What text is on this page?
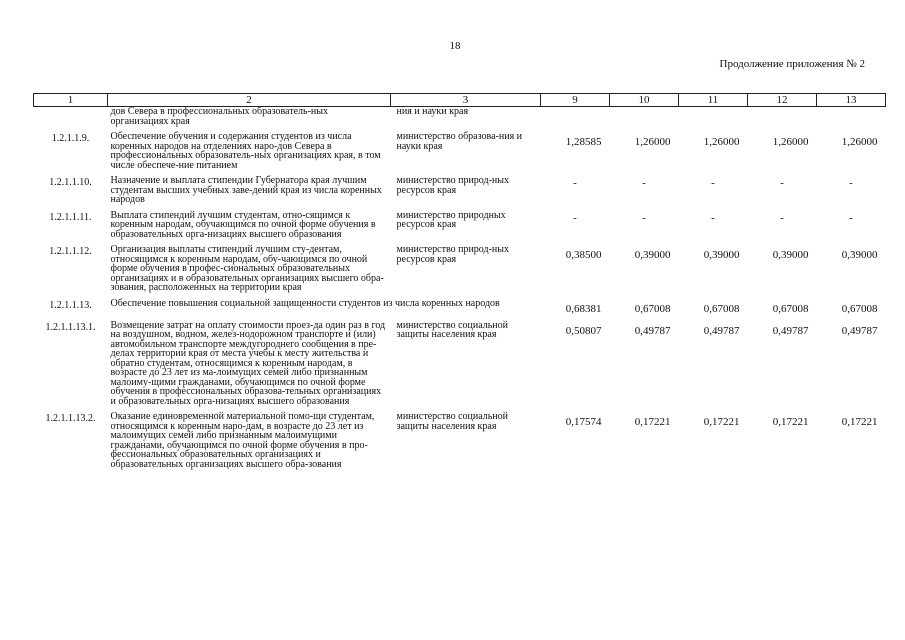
18
Продолжение приложения № 2
1	2	3	9	10	11	12	13
	дов Севера в профессиональных образователь-ных организациях края	ния и науки края					

1.2.1.1.9.	Обеспечение обучения и содержания студентов из числа коренных народов на отделениях наро-дов Севера в профессиональных образователь-ных организациях края, в том числе обеспече-ние питанием	министерство образова-ния и науки края	1,28585	1,26000	1,26000	1,26000	1,26000

1.2.1.1.10.	Назначение и выплата стипендии Губернатора края лучшим студентам высших учебных заве-дений края из числа коренных народов	министерство природ-ных ресурсов края	-	-	-	-	-

1.2.1.1.11.	Выплата стипендий лучшим студентам, отно-сящимся к коренным народам, обучающимся по очной форме обучения в образовательных орга-низациях высшего образования	министерство природных ресурсов края	-	-	-	-	-

1.2.1.1.12.	Организация выплаты стипендий лучшим сту-дентам, относящимся к коренным народам, обу-чающимся по очной форме обучения в профес-сиональных образовательных организациях и в образовательных организациях высшего обра-зования, расположенных на территории края	министерство природ-ных ресурсов края	0,38500	0,39000	0,39000	0,39000	0,39000

1.2.1.1.13.	Обеспечение повышения социальной защищенности студентов из числа коренных народов		0,68381	0,67008	0,67008	0,67008	0,67008

1.2.1.1.13.1.	Возмещение затрат на оплату стоимости проез-да один раз в год на воздушном, водном, желез-нодорожном транспорте и (или) автомобильном транспорте междугороднего сообщения в пре-делах территории края от места учебы к месту жительства и обратно студентам, относящимся к коренным народам, в возрасте до 23 лет из ма-лоимущих семей либо признанным малоиму-щими гражданами, обучающимся по очной форме обучения в профессиональных образова-тельных организациях и образовательных орга-низациях высшего образования	министерство социальной защиты населения края	0,50807	0,49787	0,49787	0,49787	0,49787

1.2.1.1.13.2.	Оказание единовременной материальной помо-щи студентам, относящимся к коренным наро-дам, в возрасте до 23 лет из малоимущих семей либо признанным малоимущими гражданами, обучающимся по очной форме обучения в про-фессиональных образовательных организациях и образовательных организациях высшего обра-зования	министерство социальной защиты населения края	0,17574	0,17221	0,17221	0,17221	0,17221
